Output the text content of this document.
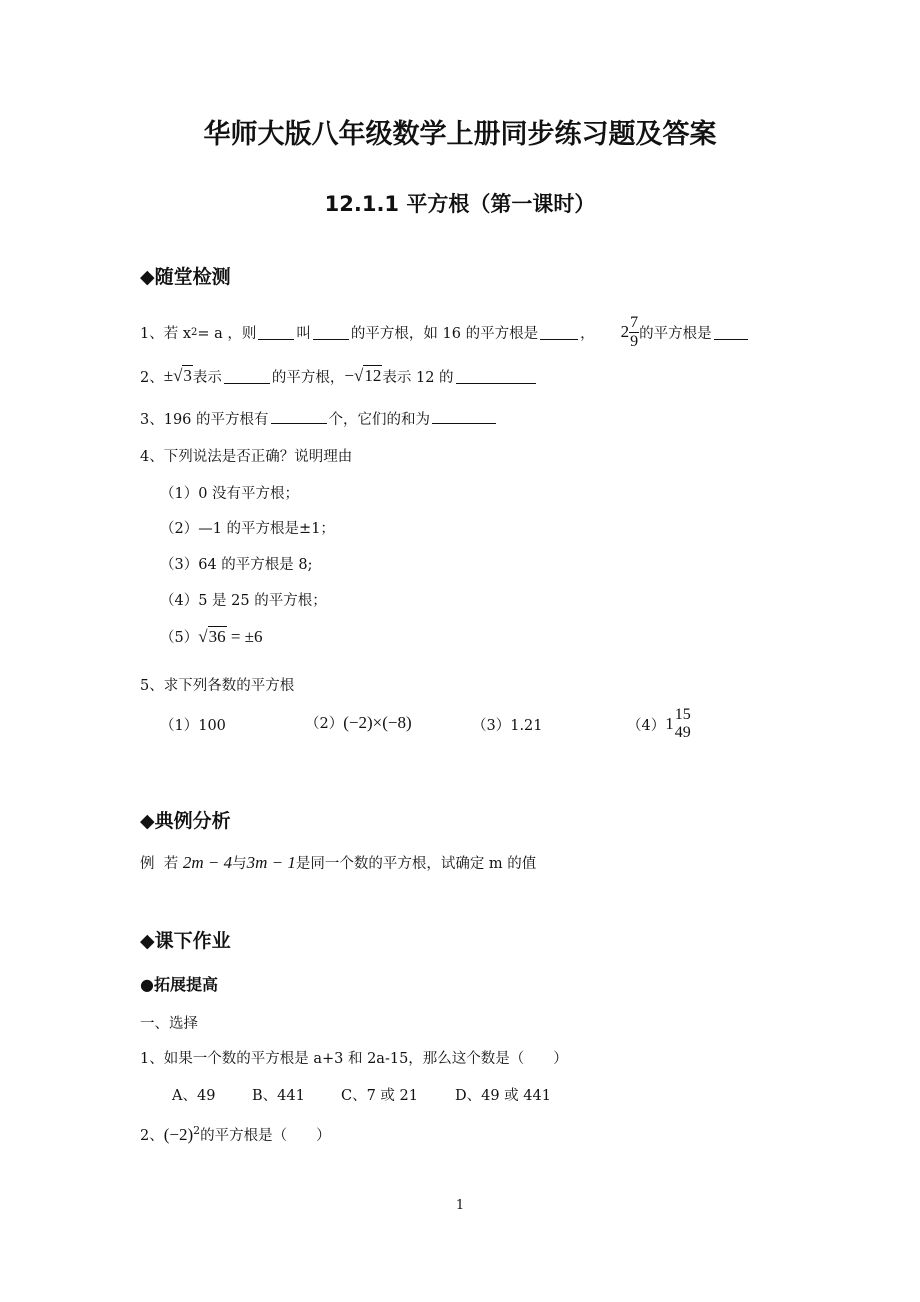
华师大版八年级数学上册同步练习题及答案
12.1.1 平方根（第一课时）
◆随堂检测
1、若 x 2 = a ，则	叫	的平方根，如 16 的平方根是	， $2 \frac{7}{9}$ 的平方根是
2、 ± √3 表示	的平方根， − √12 表示 12 的
3、196 的平方根有	个，它们的和为
4、下列说法是否正确？说明理由
（1）0 没有平方根；
（2）—1 的平方根是±1；
（3）64 的平方根是 8;
（4）5 是 25 的平方根；
（5） √36 = ±6
5、求下列各数的平方根
（1）100	（2） (−2)×(−8)	（3）1.21	（4） 1 15
49
◆典例分析
例  若 2m − 4 与 3m − 1 是同一个数的平方根，试确定 m 的值
◆课下作业
●拓展提高
一、选择
1、如果一个数的平方根是 a+3 和 2a-15，那么这个数是（　　）
A、49	B、441 C、7 或 21	D、49 或 441
2、 $(-2)^2$ 的平方根是（　　）
1
